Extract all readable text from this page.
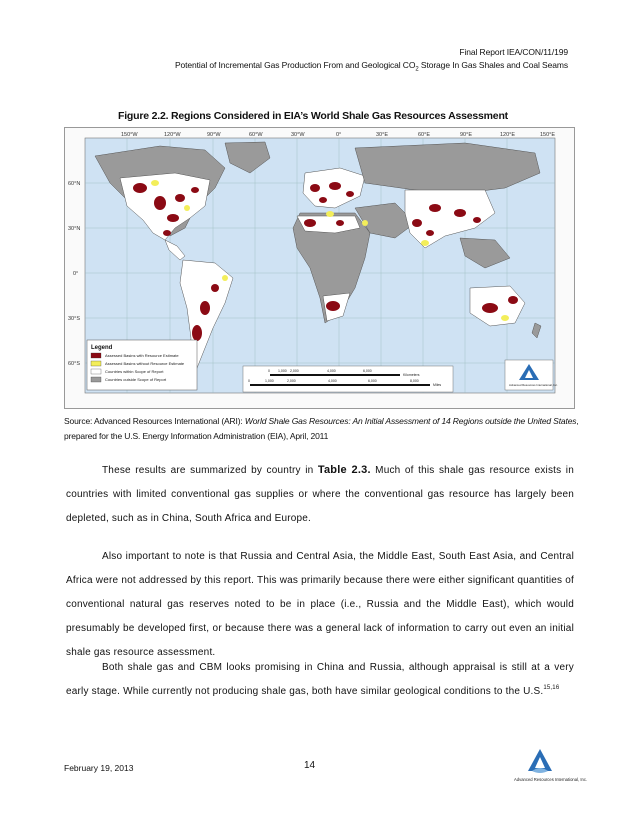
Final Report IEA/CON/11/199
Potential of Incremental Gas Production From and Geological $CO_2$ Storage In Gas Shales and Coal Seams
Figure 2.2. Regions Considered in EIA’s World Shale Gas Resources Assessment
150°W	120°W	90°W	60°W	30°W	0°	30°E	60°E	90°E	120°E	150°E
60°N
30°N
0°
30°S
60°S
Legend
Assessed Basins with Resource Estimate
Assessed Basins without Resource Estimate
Countries within Scope of Report
Countries outside Scope of Report
0 1,000 2,000	4,000	6,000
Kilometers
0	1,000	2,000	4,000	6,000	8,000
Miles	Advanced Resources International, Inc.
Source: Advanced Resources International (ARI): World Shale Gas Resources: An Initial Assessment of 14 Regions outside the United States, prepared for the U.S. Energy Information Administration (EIA), April, 2011

These results are summarized by country in Table 2.3. Much of this shale gas resource exists in countries with limited conventional gas supplies or where the conventional gas resource has largely been depleted, such as in China, South Africa and Europe.

Also important to note is that Russia and Central Asia, the Middle East, South East Asia, and Central Africa were not addressed by this report. This was primarily because there were either significant quantities of conventional natural gas reserves noted to be in place (i.e., Russia and the Middle East), which would presumably be developed first, or because there was a general lack of information to carry out even an initial shale gas resource assessment.

Both shale gas and CBM looks promising in China and Russia, although appraisal is still at a very early stage. While currently not producing shale gas, both have similar geological conditions to the U.S.$^{15,16}$

February 19, 2013	14
Advanced Resources International, Inc.
